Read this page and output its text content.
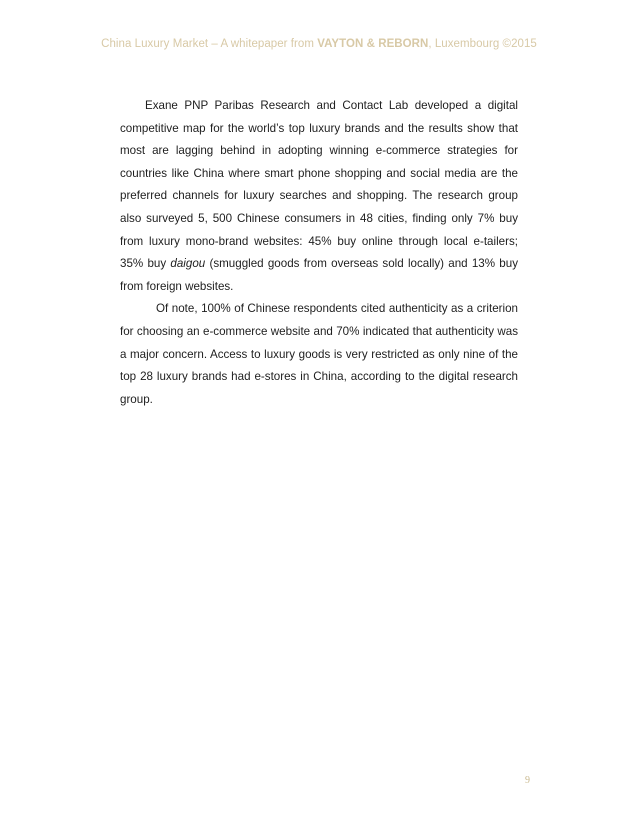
China Luxury Market – A whitepaper from VAYTON & REBORN, Luxembourg ©2015

Exane PNP Paribas Research and Contact Lab developed a digital competitive map for the world’s top luxury brands and the results show that most are lagging behind in adopting winning e-commerce strategies for countries like China where smart phone shopping and social media are the preferred channels for luxury searches and shopping. The research group also surveyed 5, 500 Chinese consumers in 48 cities, finding only 7% buy from luxury mono-brand websites: 45% buy online through local e-tailers; 35% buy daigou (smuggled goods from overseas sold locally) and 13% buy from foreign websites.

Of note, 100% of Chinese respondents cited authenticity as a criterion for choosing an e-commerce website and 70% indicated that authenticity was a major concern. Access to luxury goods is very restricted as only nine of the top 28 luxury brands had e-stores in China, according to the digital research group.

9
